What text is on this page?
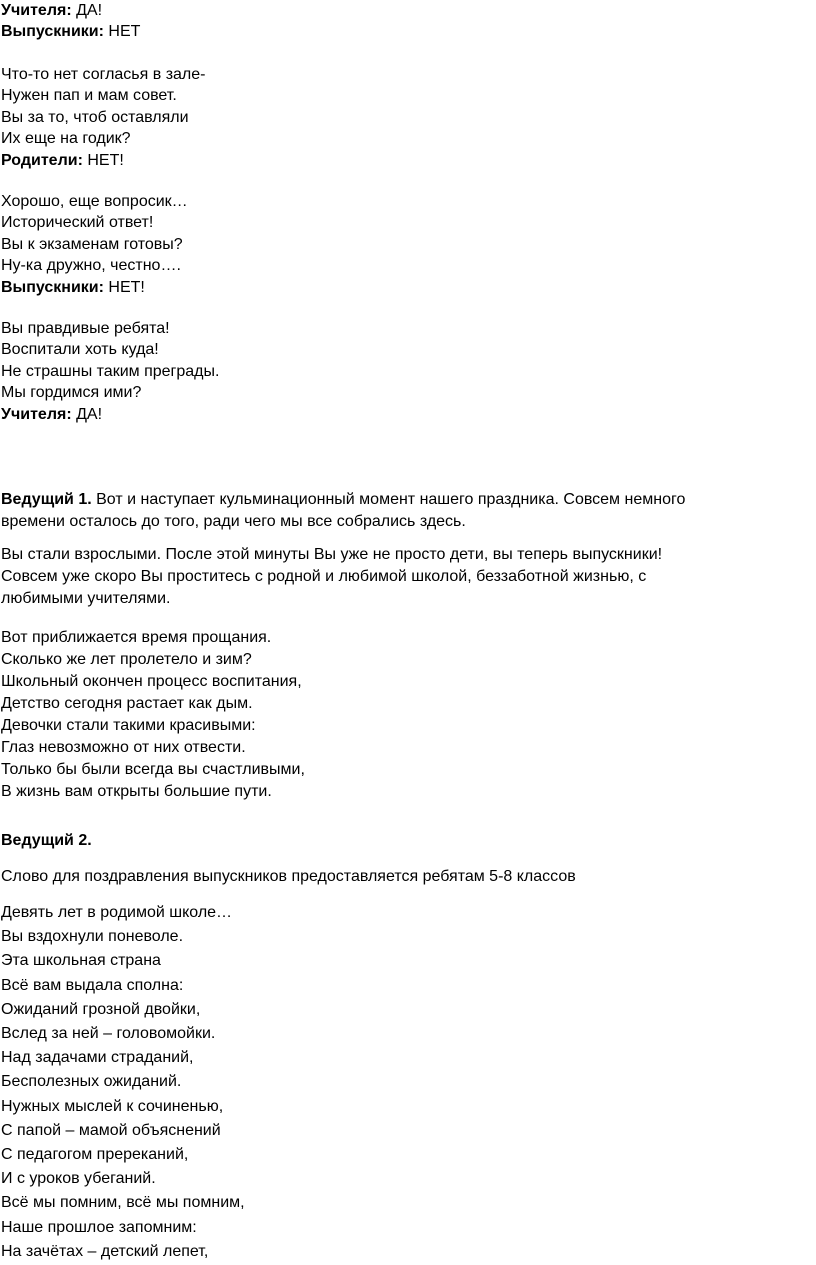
Учителя: ДА!
Выпускники: НЕТ
Что-то нет согласья в зале-
Нужен пап и мам совет.
Вы за то, чтоб оставляли
Их еще на годик?
Родители: НЕТ!
Хорошо, еще вопросик…
Исторический ответ!
Вы к экзаменам готовы?
Ну-ка дружно, честно….
Выпускники: НЕТ!
Вы правдивые ребята!
Воспитали хоть куда!
Не страшны таким преграды.
Мы гордимся ими?
Учителя: ДА!
Ведущий 1. Вот и наступает кульминационный момент нашего праздника. Совсем немного
времени осталось до того, ради чего мы все собрались здесь.
Вы стали взрослыми. После этой минуты Вы уже не просто дети, вы теперь выпускники!
Совсем уже скоро Вы проститесь с родной и любимой школой, беззаботной жизнью, с
любимыми учителями.
Вот приближается время прощания.
Сколько же лет пролетело и зим?
Школьный окончен процесс воспитания,
Детство сегодня растает как дым.
Девочки стали такими красивыми:
Глаз невозможно от них отвести.
Только бы были всегда вы счастливыми,
В жизнь вам открыты большие пути.
Ведущий 2.
Слово для поздравления выпускников предоставляется ребятам 5-8 классов
Девять лет в родимой школе…
Вы вздохнули поневоле.
Эта школьная страна
Всё вам выдала сполна:
Ожиданий грозной двойки,
Вслед за ней – головомойки.
Над задачами страданий,
Бесполезных ожиданий.
Нужных мыслей к сочиненью,
С папой – мамой объяснений
С педагогом пререканий,
И с уроков убеганий.
Всё мы помним, всё мы помним,
Наше прошлое запомним:
На зачётах – детский лепет,
